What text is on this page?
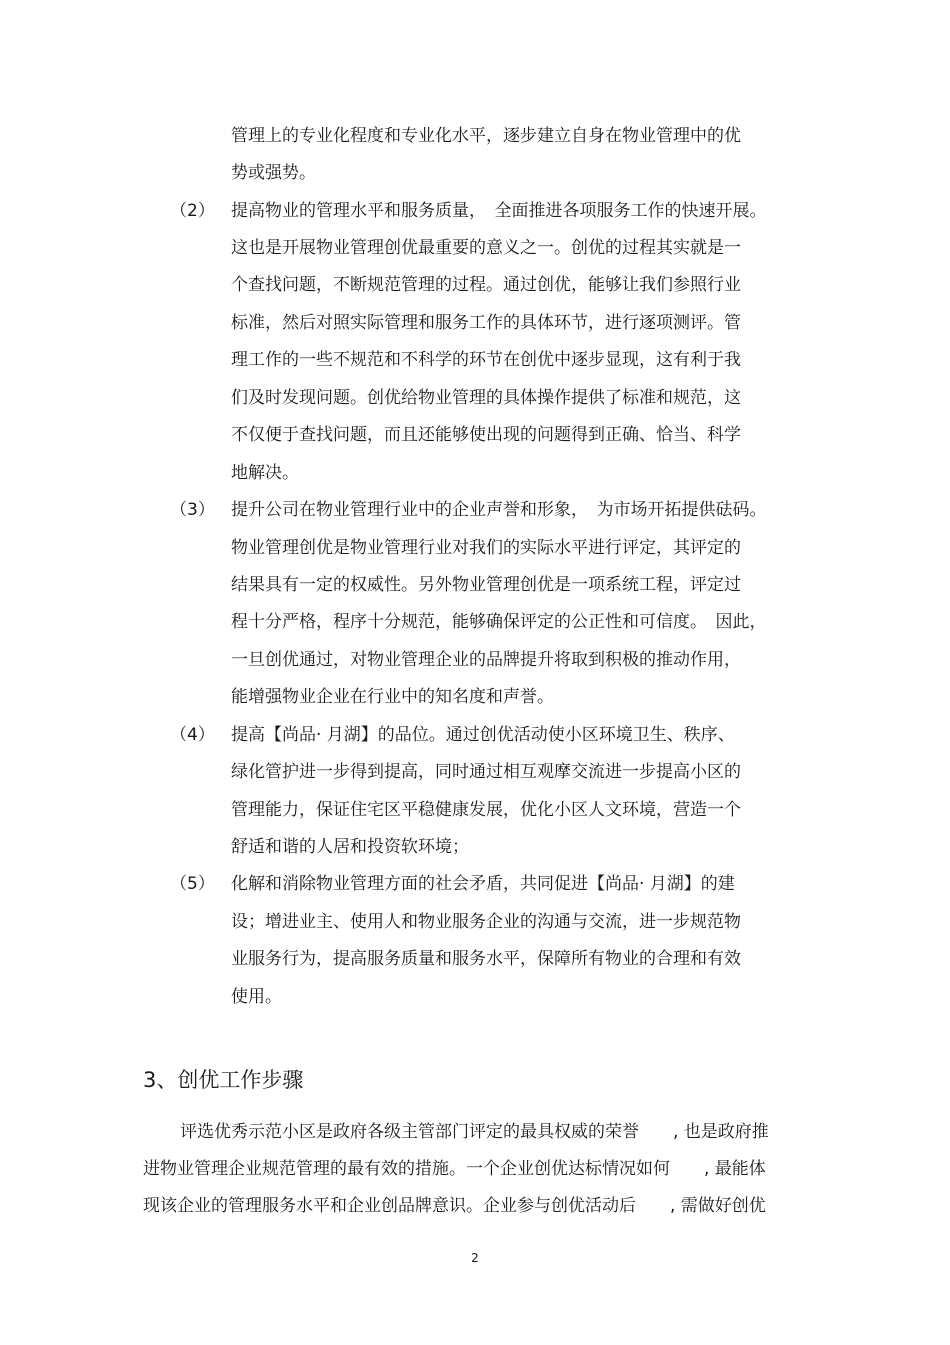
管理上的专业化程度和专业化水平，逐步建立自身在物业管理中的优
势或强势。
（2） 提高物业的管理水平和服务质量，　全面推进各项服务工作的快速开展。
这也是开展物业管理创优最重要的意义之一。创优的过程其实就是一
个查找问题，不断规范管理的过程。通过创优，能够让我们参照行业
标准，然后对照实际管理和服务工作的具体环节，进行逐项测评。管
理工作的一些不规范和不科学的环节在创优中逐步显现，这有利于我
们及时发现问题。创优给物业管理的具体操作提供了标准和规范，这
不仅便于查找问题，而且还能够使出现的问题得到正确、恰当、科学
地解决。
（3） 提升公司在物业管理行业中的企业声誉和形象，　为市场开拓提供砝码。
物业管理创优是物业管理行业对我们的实际水平进行评定，其评定的
结果具有一定的权威性。另外物业管理创优是一项系统工程，评定过
程十分严格，程序十分规范，能够确保评定的公正性和可信度。　因此，
一旦创优通过，对物业管理企业的品牌提升将取到积极的推动作用，
能增强物业企业在行业中的知名度和声誉。
（4） 提高【尚品· 月湖】的品位。通过创优活动使小区环境卫生、秩序、
绿化管护进一步得到提高，同时通过相互观摩交流进一步提高小区的
管理能力，保证住宅区平稳健康发展，优化小区人文环境，营造一个
舒适和谐的人居和投资软环境；
（5） 化解和消除物业管理方面的社会矛盾，共同促进【尚品· 月湖】的建
设；增进业主、使用人和物业服务企业的沟通与交流，进一步规范物
业服务行为，提高服务质量和服务水平，保障所有物业的合理和有效
使用。
3、创优工作步骤
评选优秀示范小区是政府各级主管部门评定的最具权威的荣誉　　, 也是政府推
进物业管理企业规范管理的最有效的措施。一个企业创优达标情况如何　　, 最能体
现该企业的管理服务水平和企业创品牌意识。企业参与创优活动后　　, 需做好创优
2
